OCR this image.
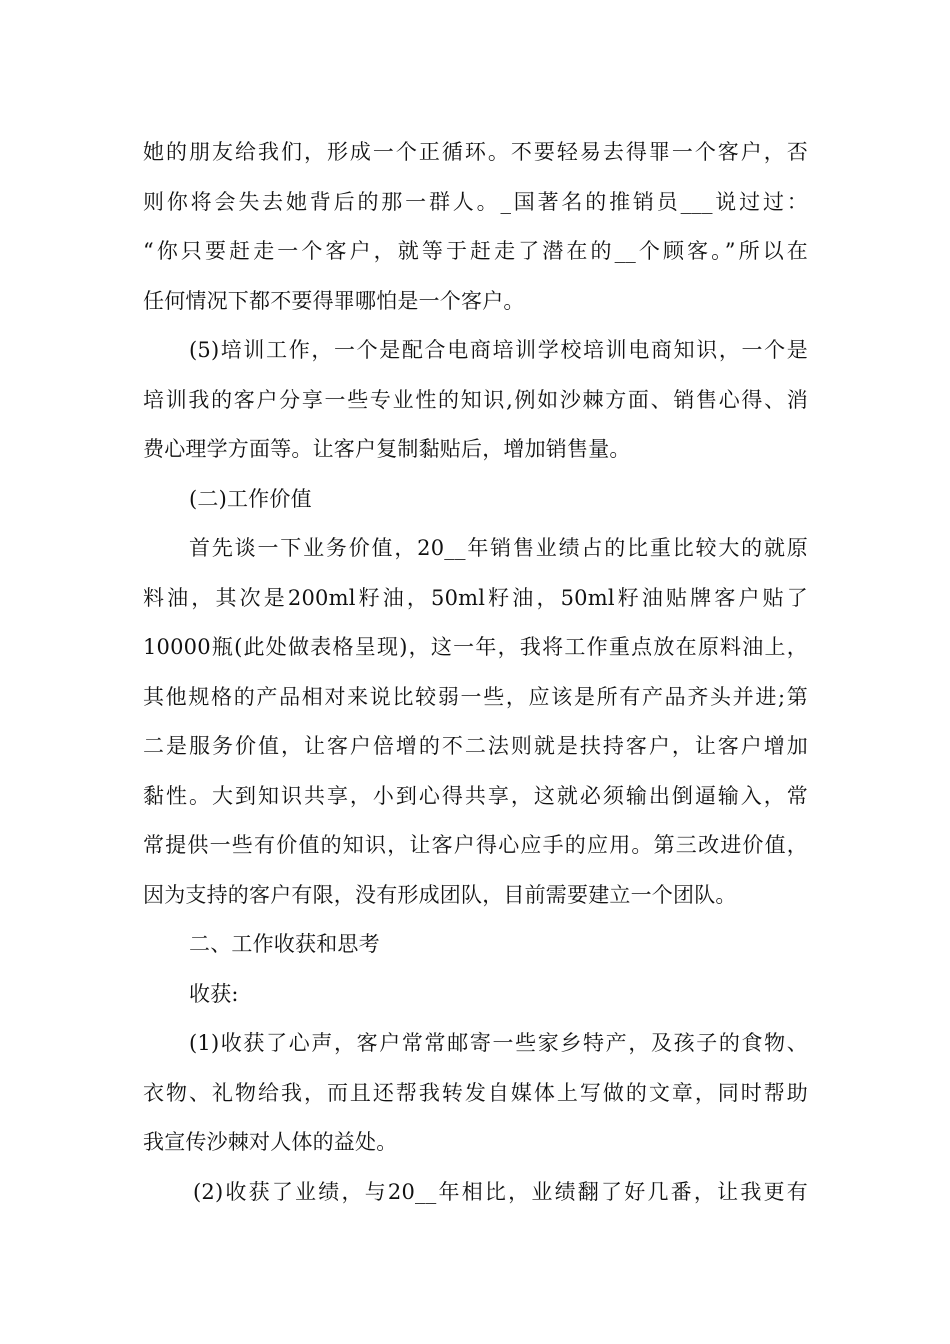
她的朋友给我们，形成一个正循环。不要轻易去得罪一个客户，否
则你将会失去她背后的那一群人。_国著名的推销员___说过过：
“你只要赶走一个客户，就等于赶走了潜在的__个顾客。”所以在
任何情况下都不要得罪哪怕是一个客户。
(5)培训工作，一个是配合电商培训学校培训电商知识，一个是
培训我的客户分享一些专业性的知识,例如沙棘方面、销售心得、消
费心理学方面等。让客户复制黏贴后，增加销售量。
(二)工作价值
首先谈一下业务价值，20__年销售业绩占的比重比较大的就原
料油，其次是200ml籽油，50ml籽油，50ml籽油贴牌客户贴了
10000瓶(此处做表格呈现)，这一年，我将工作重点放在原料油上，
其他规格的产品相对来说比较弱一些，应该是所有产品齐头并进;第
二是服务价值，让客户倍增的不二法则就是扶持客户，让客户增加
黏性。大到知识共享，小到心得共享，这就必须输出倒逼输入，常
常提供一些有价值的知识，让客户得心应手的应用。第三改进价值，
因为支持的客户有限，没有形成团队，目前需要建立一个团队。
二、工作收获和思考
收获:
(1)收获了心声，客户常常邮寄一些家乡特产，及孩子的食物、
衣物、礼物给我，而且还帮我转发自媒体上写做的文章，同时帮助
我宣传沙棘对人体的益处。
(2)收获了业绩，与20__年相比，业绩翻了好几番，让我更有
